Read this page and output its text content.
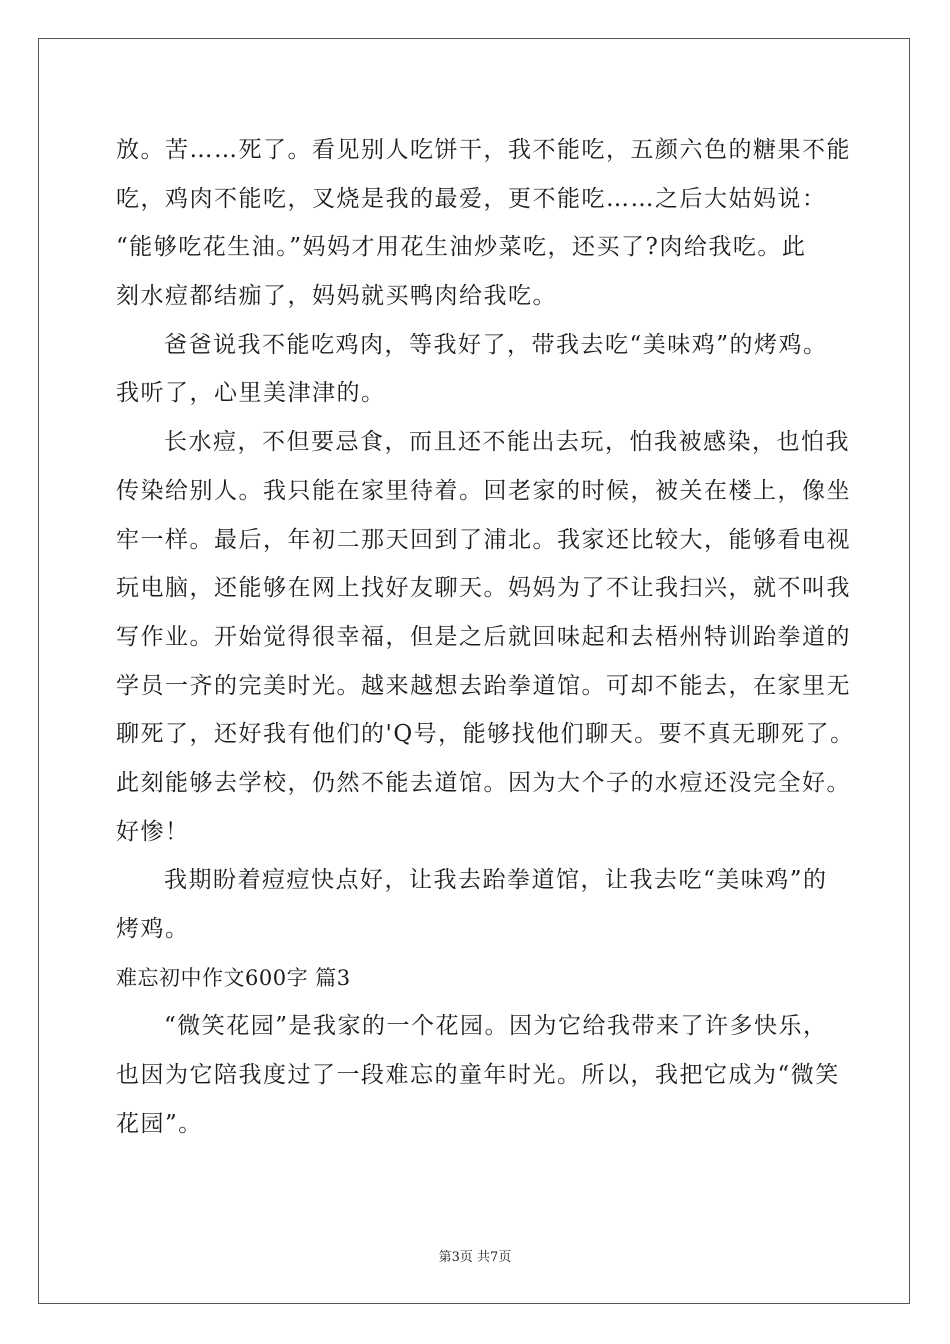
放。苦……死了。看见别人吃饼干，我不能吃，五颜六色的糖果不能
吃，鸡肉不能吃，叉烧是我的最爱，更不能吃……之后大姑妈说：
“能够吃花生油。”妈妈才用花生油炒菜吃，还买了?肉给我吃。此
刻水痘都结痂了，妈妈就买鸭肉给我吃。
爸爸说我不能吃鸡肉，等我好了，带我去吃“美味鸡”的烤鸡。
我听了，心里美津津的。
长水痘，不但要忌食，而且还不能出去玩，怕我被感染，也怕我
传染给别人。我只能在家里待着。回老家的时候，被关在楼上，像坐
牢一样。最后，年初二那天回到了浦北。我家还比较大，能够看电视
玩电脑，还能够在网上找好友聊天。妈妈为了不让我扫兴，就不叫我
写作业。开始觉得很幸福，但是之后就回味起和去梧州特训跆拳道的
学员一齐的完美时光。越来越想去跆拳道馆。可却不能去，在家里无
聊死了，还好我有他们的'Q号，能够找他们聊天。要不真无聊死了。
此刻能够去学校，仍然不能去道馆。因为大个子的水痘还没完全好。
好惨！
我期盼着痘痘快点好，让我去跆拳道馆，让我去吃“美味鸡”的
烤鸡。
难忘初中作文600字 篇3
“微笑花园”是我家的一个花园。因为它给我带来了许多快乐，
也因为它陪我度过了一段难忘的童年时光。所以，我把它成为“微笑
花园”。
第3页 共7页
